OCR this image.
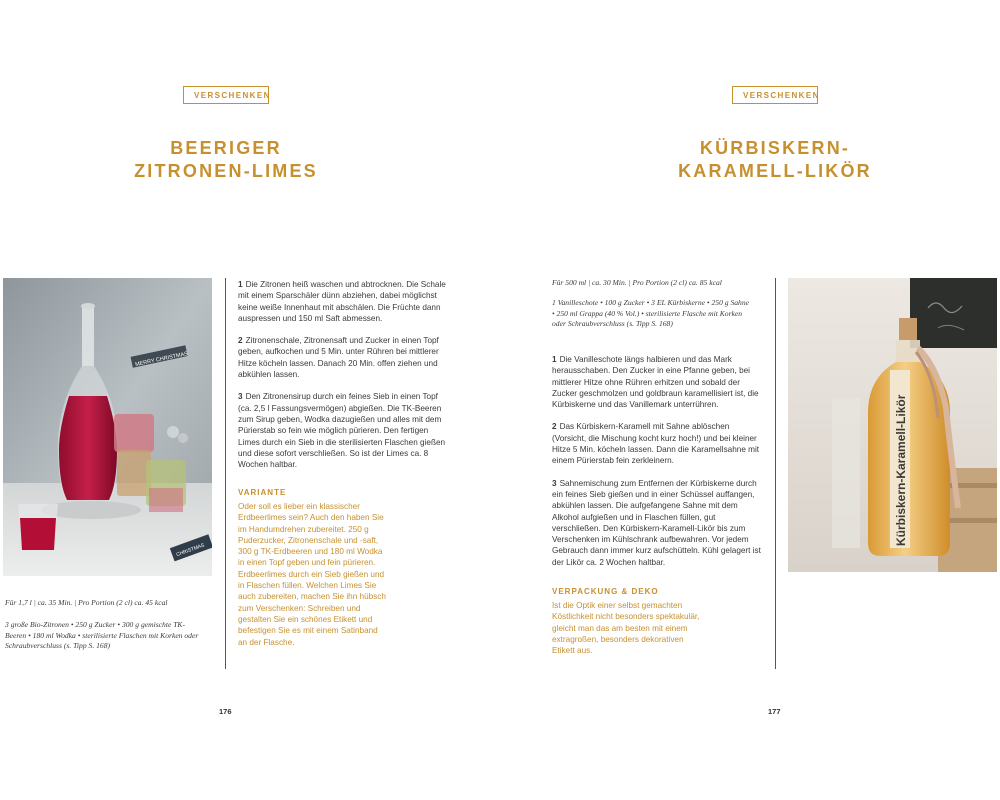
VERSCHENKEN
BEERIGER
ZITRONEN-LIMES
MERRY CHRISTMAS
CHRISTMAS
Für 1,7 l | ca. 35 Min. | Pro Portion (2 cl) ca. 45 kcal
3 große Bio-Zitronen • 250 g Zucker • 300 g gemischte TK-Beeren • 180 ml Wodka • sterilisierte Flaschen mit Korken oder Schraubverschluss (s. Tipp S. 168)

1 Die Zitronen heiß waschen und abtrocknen. Die Schale mit einem Sparschäler dünn abziehen, dabei möglichst keine weiße Innenhaut mit abschälen. Die Früchte dann auspressen und 150 ml Saft abmessen.

2 Zitronenschale, Zitronensaft und Zucker in einen Topf geben, aufkochen und 5 Min. unter Rühren bei mittlerer Hitze köcheln lassen. Danach 20 Min. offen ziehen und abkühlen lassen.

3 Den Zitronensirup durch ein feines Sieb in einen Topf (ca. 2,5 l Fassungsvermögen) abgießen. Die TK-Beeren zum Sirup geben, Wodka dazugießen und alles mit dem Pürierstab so fein wie möglich pürieren. Den fertigen Limes durch ein Sieb in die sterilisierten Flaschen gießen und diese sofort verschließen. So ist der Limes ca. 8 Wochen haltbar.

VARIANTE

Oder soll es lieber ein klassischer Erdbeerlimes sein? Auch den haben Sie im Handumdrehen zubereitet. 250 g Puderzucker, Zitronenschale und -saft, 300 g TK-Erdbeeren und 180 ml Wodka in einen Topf geben und fein pürieren. Erdbeerlimes durch ein Sieb gießen und in Flaschen füllen. Welchen Limes Sie auch zubereiten, machen Sie ihn hübsch zum Verschenken: Schreiben und gestalten Sie ein schönes Etikett und befestigen Sie es mit einem Satinband an der Flasche.

176
VERSCHENKEN
KÜRBISKERN-
KARAMELL-LIKÖR
Für 500 ml | ca. 30 Min. | Pro Portion (2 cl) ca. 85 kcal
1 Vanilleschote • 100 g Zucker • 3 EL Kürbiskerne • 250 g Sahne • 250 ml Grappa (40 % Vol.) • sterilisierte Flasche mit Korken oder Schraubverschluss (s. Tipp S. 168)

1 Die Vanilleschote längs halbieren und das Mark herausschaben. Den Zucker in eine Pfanne geben, bei mittlerer Hitze ohne Rühren erhitzen und sobald der Zucker geschmolzen und goldbraun karamellisiert ist, die Kürbiskerne und das Vanillemark unterrühren.

2 Das Kürbiskern-Karamell mit Sahne ablöschen (Vorsicht, die Mischung kocht kurz hoch!) und bei kleiner Hitze 5 Min. köcheln lassen. Dann die Karamellsahne mit einem Pürierstab fein zerkleinern.

3 Sahnemischung zum Entfernen der Kürbiskerne durch ein feines Sieb gießen und in einer Schüssel auffangen, abkühlen lassen. Die aufgefangene Sahne mit dem Alkohol aufgießen und in Flaschen füllen, gut verschließen. Den Kürbiskern-Karamell-Likör bis zum Verschenken im Kühlschrank aufbewahren. Vor jedem Gebrauch dann immer kurz aufschütteln. Kühl gelagert ist der Likör ca. 2 Wochen haltbar.

VERPACKUNG & DEKO

Ist die Optik einer selbst gemachten Köstlichkeit nicht besonders spektakulär, gleicht man das am besten mit einem extragroßen, besonders dekorativen Etikett aus.

Kürbiskern-Karamell-Likör
177
